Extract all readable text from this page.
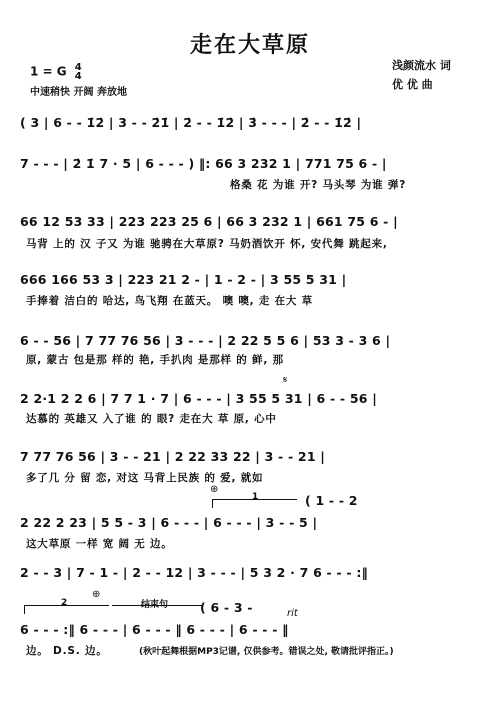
走在大草原
1 = G 4
4
中速稍快 开阔 奔放地
浅颜流水 词
优 优 曲
( 3 | 6 - - 1̇2̇ | 3 - - 2̇1̇ | 2̇ - - 1̇2̇ | 3̇ - - - | 2̇ - - 1̇2̇ |
7 - - - | 2̇ 1̇ 7 · 5 | 6 - - - ) ‖: 66 3 232 1 | 771 75 6 - |
格桑 花 为谁 开? 马头琴 为谁 弹?
66 12 53 33 | 223 223 25 6 | 66 3 232 1 | 661 75 6 - |
马背 上的 汉 子又 为谁 驰骋在大草原? 马奶酒饮开 怀, 安代舞 跳起来,
666 166 53 3 | 223 21 2 - | 1 - 2 - | 3 55 5 31 |
手捧着 洁白的 哈达, 鸟飞翔 在蓝天。 噢 噢, 走 在大 草
6 - - 56 | 7 77 76 56 | 3 - - - | 2 22 5 5 6 | 53 3 - 3 6 |
原, 蒙古 包是那 样的 艳, 手扒肉 是那样 的 鲜, 那
𝄋
2 2·1 2 2 6 | 7 7 1 · 7 | 6 - - - | 3 55 5 31 | 6 - - 56 |
达慕的 英雄又 入了谁 的 眼? 走在大 草 原, 心中
7 77 76 56 | 3 - - 21 | 2 22 33 22 | 3 - - 21 |
多了几 分 留 恋, 对这 马背上民族 的 爱, 就如
⊕
1	( 1 - - 2
2 22 2 23 | 5 5 - 3 | 6 - - - | 6 - - - | 3 - - 5 |
这大草原 一样 宽 阔 无 边。
2 - - 3 | 7 - 1 - | 2 - - 12 | 3 - - - | 5 3 2 · 7 6 - - - :‖
2
⊕
结束句	( 6 - 3 -	rit
6 - - - :‖ 6 - - - | 6 - - - ‖ 6 - - - | 6 - - - ‖
边。 D.S. 边。	(秋叶起舞根据MP3记谱, 仅供参考。错误之处, 敬请批评指正。)
